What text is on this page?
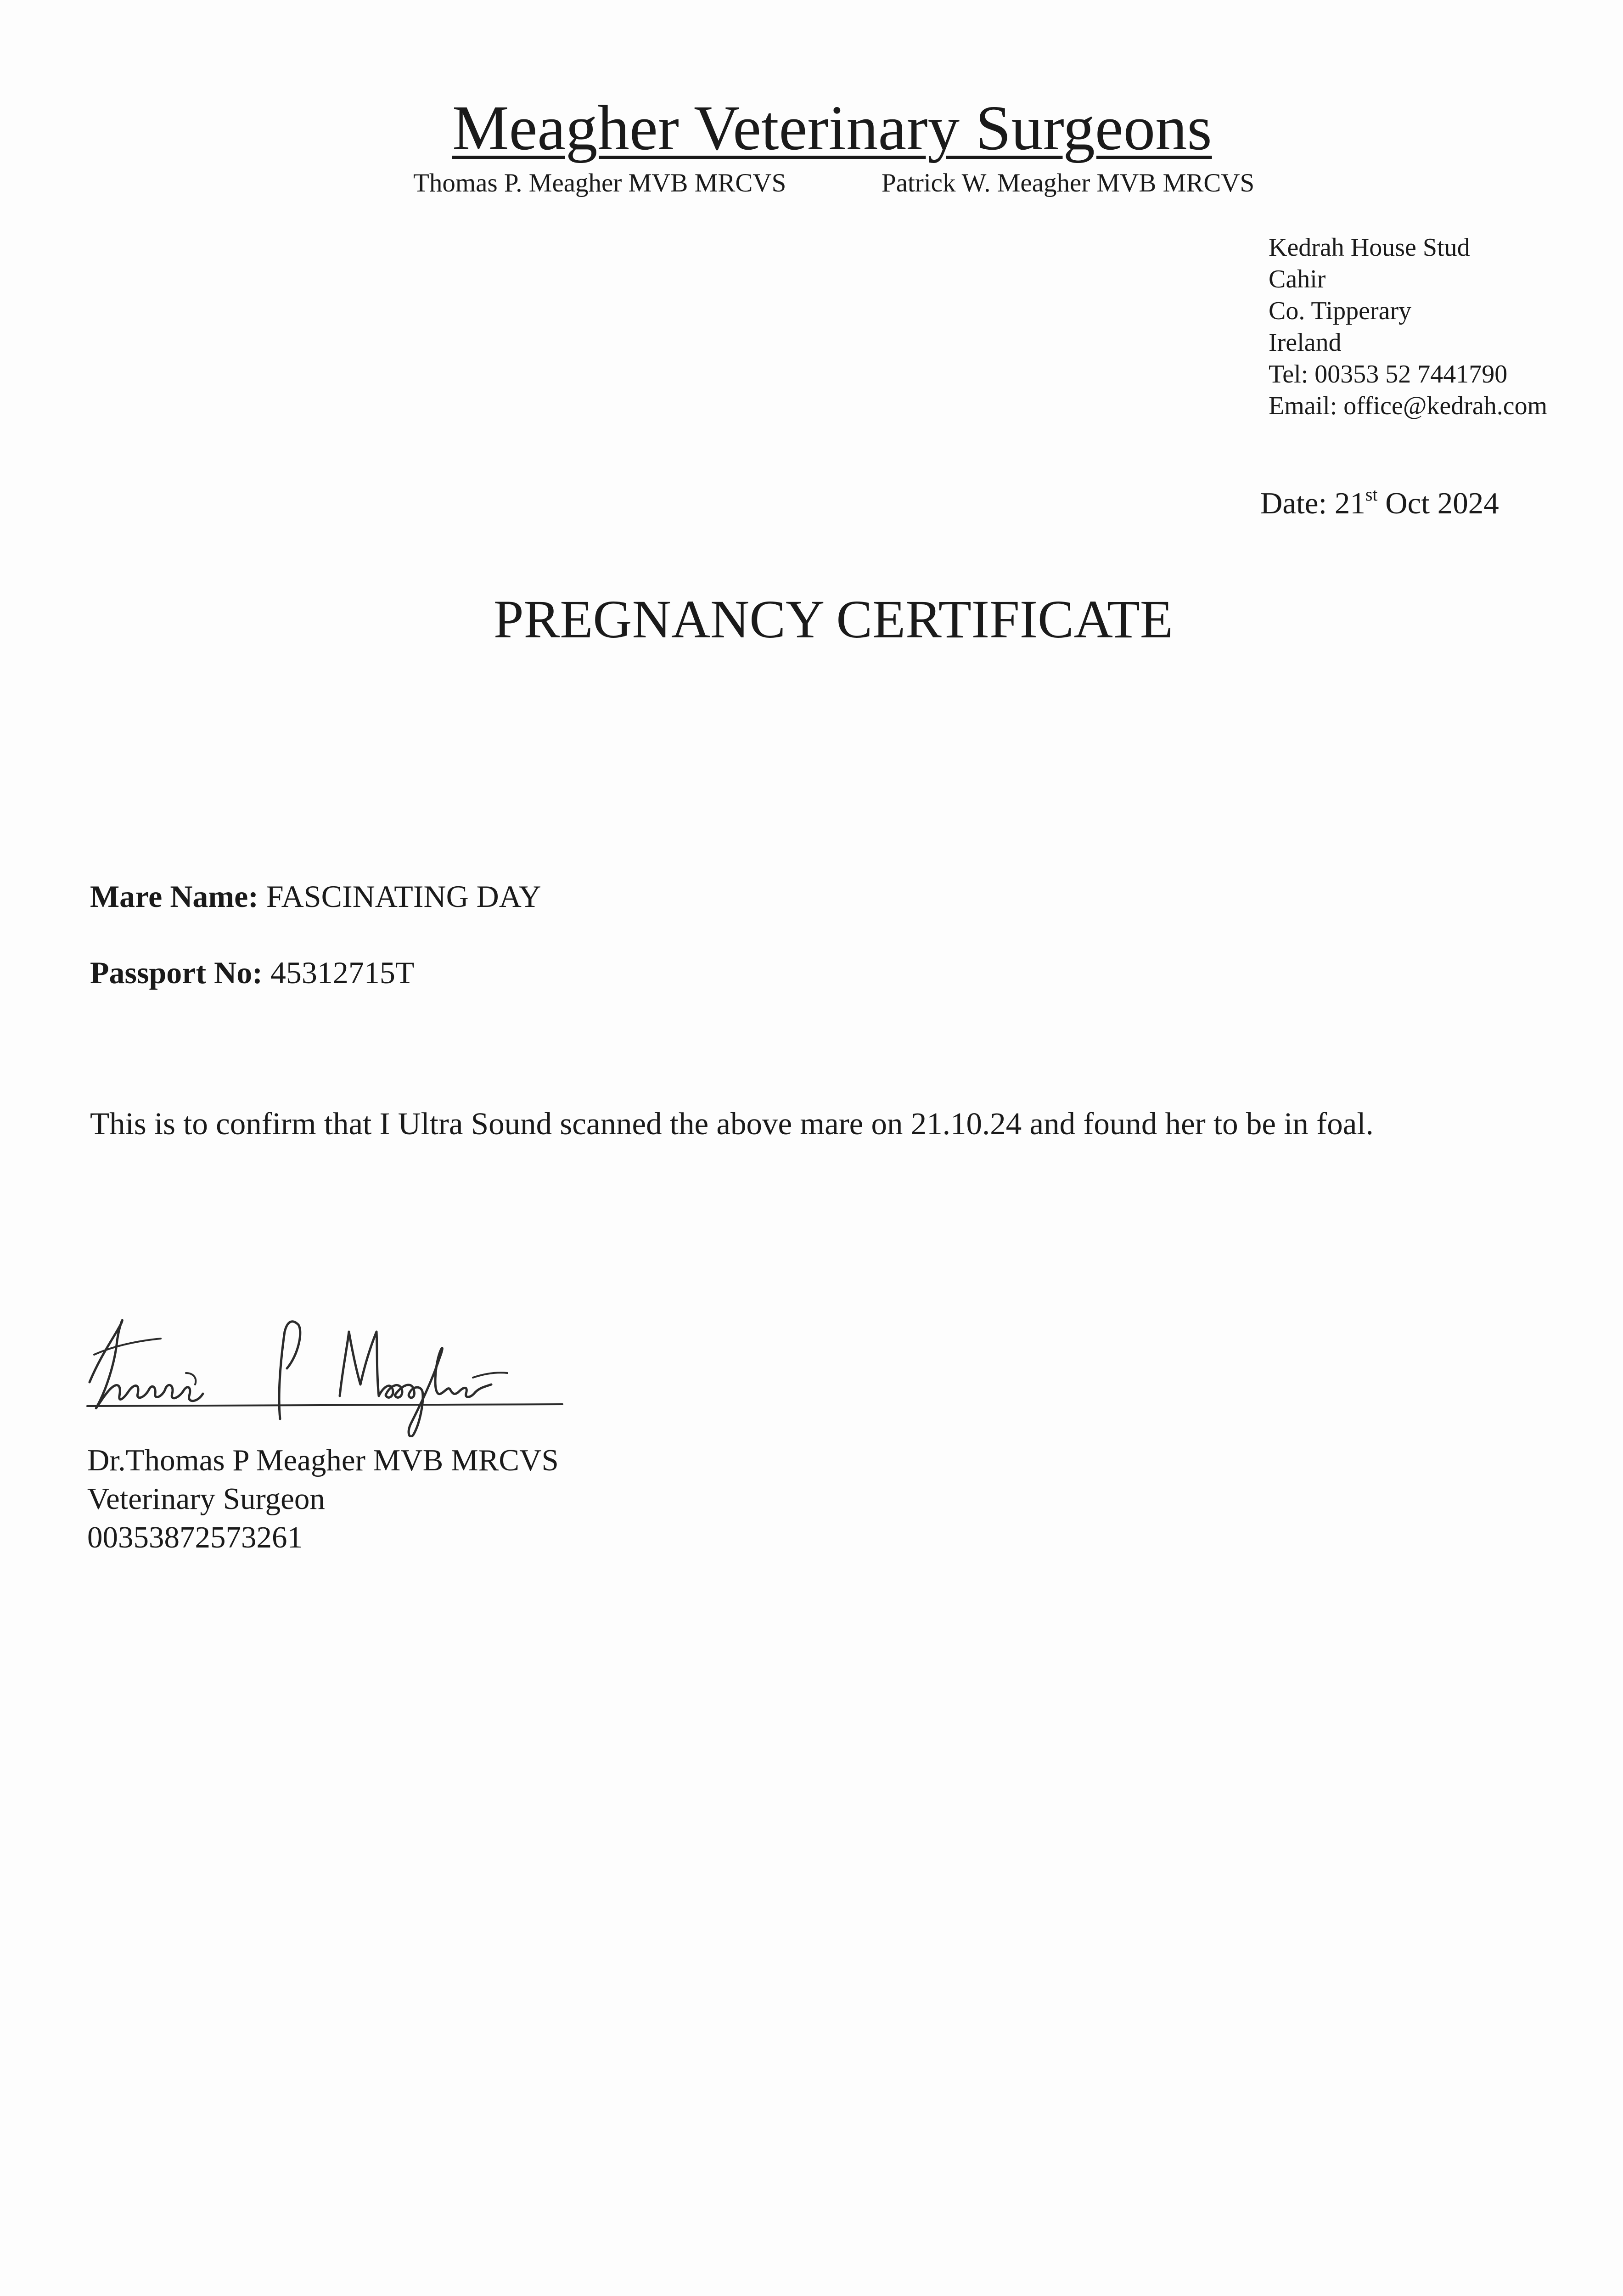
Meagher Veterinary Surgeons
Thomas P. Meagher MVB MRCVS	Patrick W. Meagher MVB MRCVS
Kedrah House Stud
Cahir
Co. Tipperary
Ireland
Tel: 00353 52 7441790
Email: office@kedrah.com
Date: 21st Oct 2024
PREGNANCY CERTIFICATE
Mare Name: FASCINATING DAY
Passport No: 45312715T
This is to confirm that I Ultra Sound scanned the above mare on 21.10.24 and found her to be in foal.
Dr.Thomas P Meagher MVB MRCVS
Veterinary Surgeon
00353872573261
